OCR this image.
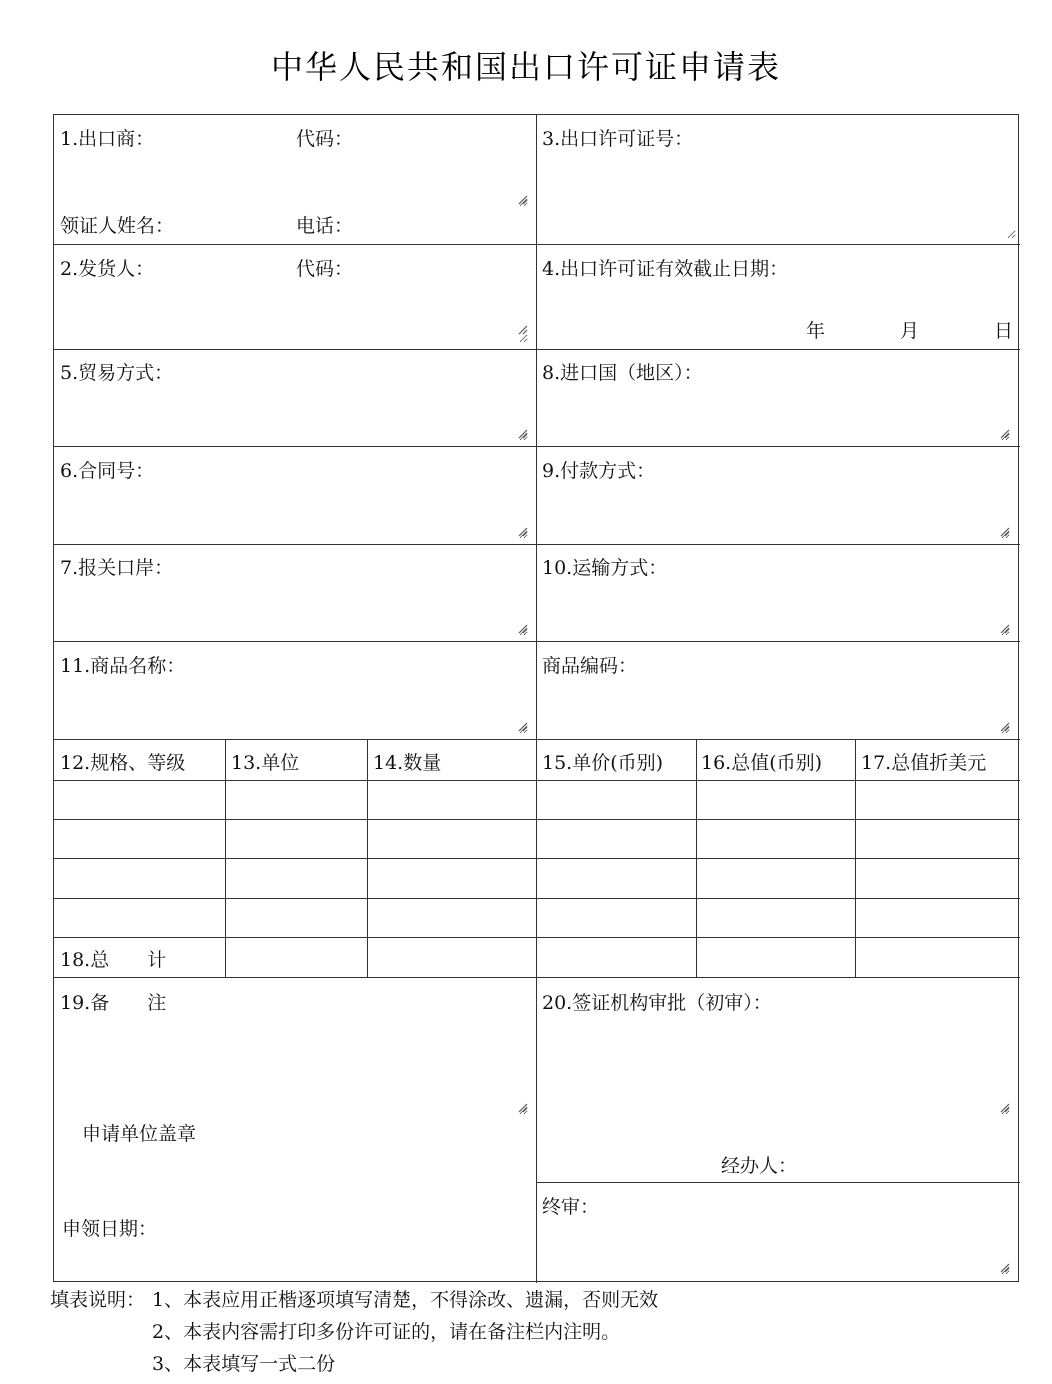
中华人民共和国出口许可证申请表
1.出口商：	代码：
领证人姓名：	电话：
3.出口许可证号：
2.发货人：	代码：	4.出口许可证有效截止日期：
年	月	日
5.贸易方式：	8.进口国（地区）：
6.合同号：	9.付款方式：
7.报关口岸：	10.运输方式：
11.商品名称：	商品编码：
12.规格、等级 13.单位	14.数量	15.单价(币别) 16.总值(币别) 17.总值折美元
18.总　　计
19.备　　注
申请单位盖章
申领日期：
20.签证机构审批（初审）：
经办人：
终审：
填表说明： 1、本表应用正楷逐项填写清楚，不得涂改、遗漏，否则无效
2、本表内容需打印多份许可证的，请在备注栏内注明。
3、本表填写一式二份
